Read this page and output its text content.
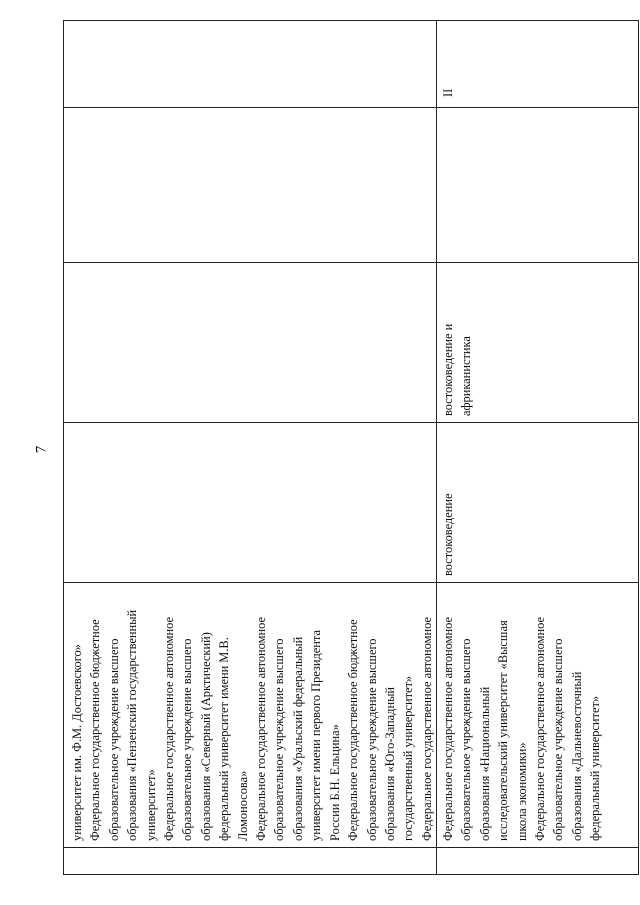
7
университет им. Ф.М. Достоевского» Федеральное государственное бюджетное образовательное учреждение высшего образования «Пензенский государственный университет» Федеральное государственное автономное образовательное учреждение высшего образования «Северный (Арктический) федеральный университет имени М.В. Ломоносова» Федеральное государственное автономное образовательное учреждение высшего образования «Уральский федеральный университет имени первого Президента России Б.Н. Ельцина» Федеральное государственное бюджетное образовательное учреждение высшего образования «Юго-Западный государственный университет» Федеральное государственное автономное Федеральное государственное автономное образовательное учреждение высшего образования «Национальный исследовательский университет «Высшая школа экономики» Федеральное государственное автономное образовательное учреждение высшего образования «Дальневосточный федеральный университет»
востоковедение
востоковедение и африканистика
II
